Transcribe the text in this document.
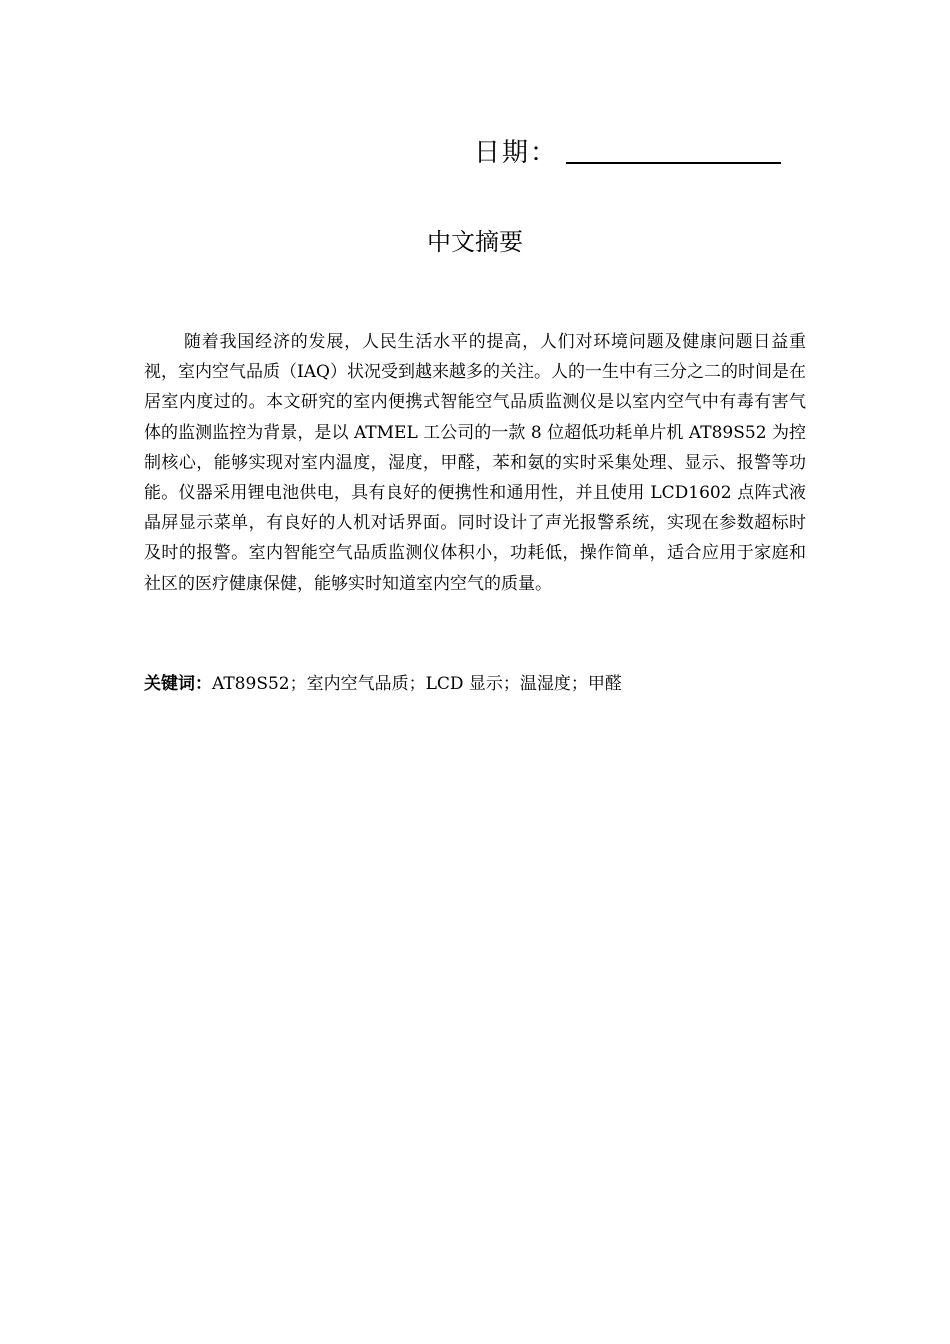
日期：
中文摘要

随着我国经济的发展，人民生活水平的提高，人们对环境问题及健康问题日益重视，室内空气品质（IAQ）状况受到越来越多的关注。人的一生中有三分之二的时间是在居室内度过的。本文研究的室内便携式智能空气品质监测仪是以室内空气中有毒有害气体的监测监控为背景，是以 ATMEL 工公司的一款 8 位超低功耗单片机 AT89S52 为控制核心，能够实现对室内温度，湿度，甲醛，苯和氨的实时采集处理、显示、报警等功能。仪器采用锂电池供电，具有良好的便携性和通用性，并且使用 LCD1602 点阵式液晶屏显示菜单，有良好的人机对话界面。同时设计了声光报警系统，实现在参数超标时及时的报警。室内智能空气品质监测仪体积小，功耗低，操作简单，适合应用于家庭和社区的医疗健康保健，能够实时知道室内空气的质量。

关键词：AT89S52；室内空气品质；LCD 显示；温湿度；甲醛
